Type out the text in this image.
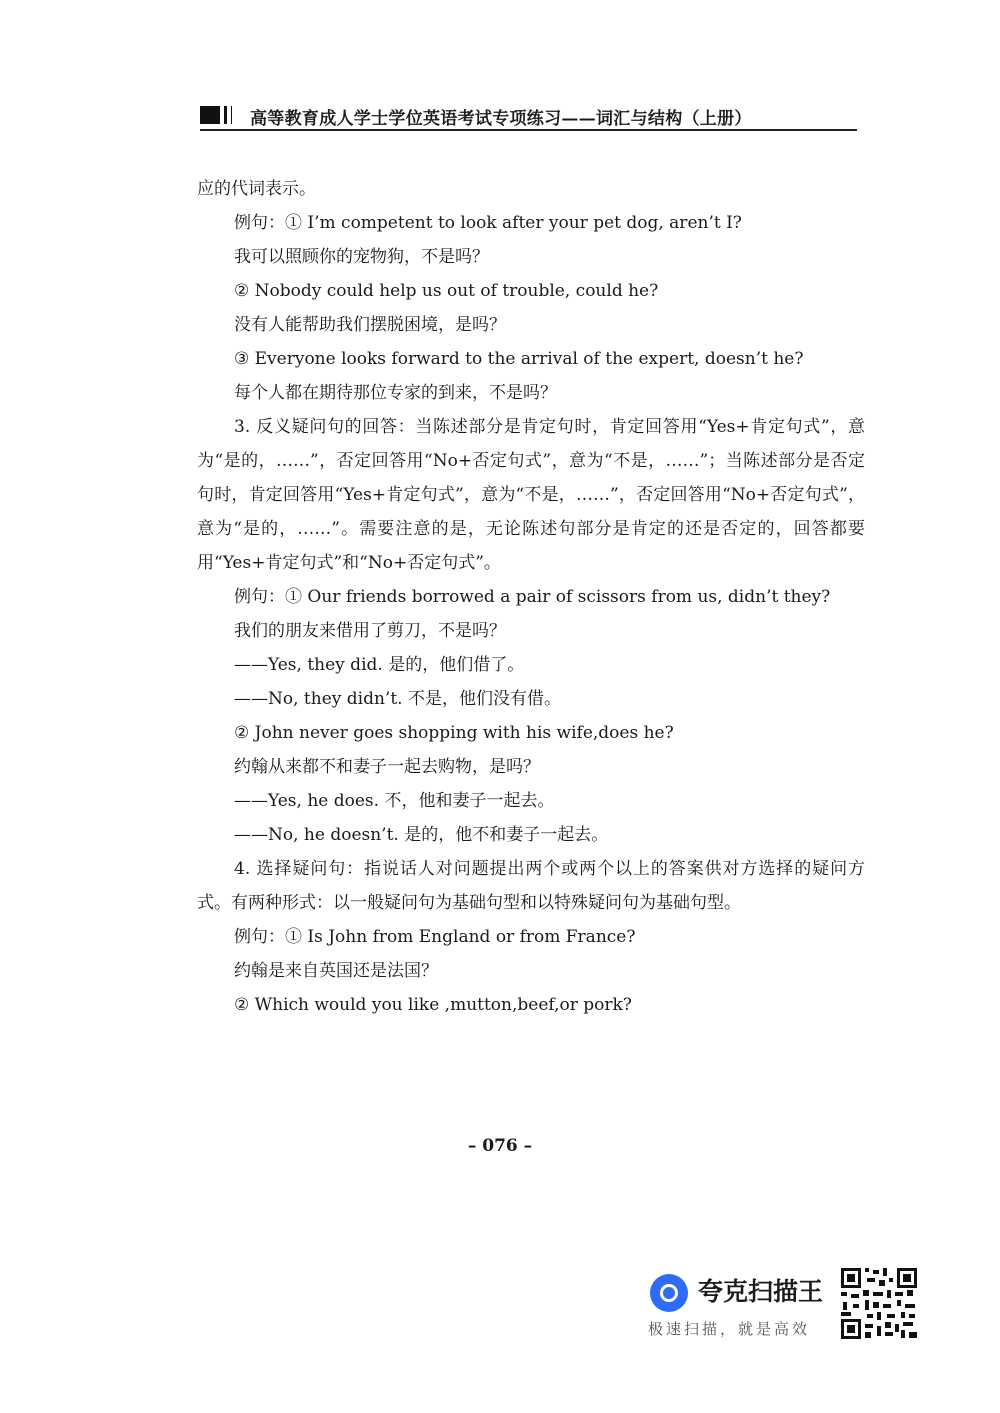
高等教育成人学士学位英语考试专项练习——词汇与结构（上册）
应的代词表示。
例句：① I’m competent to look after your pet dog, aren’t I?
我可以照顾你的宠物狗，不是吗？
② Nobody could help us out of trouble, could he?
没有人能帮助我们摆脱困境，是吗？
③ Everyone looks forward to the arrival of the expert, doesn’t he?
每个人都在期待那位专家的到来，不是吗？
3. 反义疑问句的回答：当陈述部分是肯定句时，肯定回答用“Yes+肯定句式”，意为“是的，……”，否定回答用“No+否定句式”，意为“不是，……”；当陈述部分是否定句时，肯定回答用“Yes+肯定句式”，意为“不是，……”，否定回答用“No+否定句式”，意为“是的，……”。需要注意的是，无论陈述句部分是肯定的还是否定的，回答都要用“Yes+肯定句式”和“No+否定句式”。
例句：① Our friends borrowed a pair of scissors from us, didn’t they?
我们的朋友来借用了剪刀，不是吗？
——Yes, they did. 是的，他们借了。
——No, they didn’t. 不是，他们没有借。
② John never goes shopping with his wife,does he?
约翰从来都不和妻子一起去购物，是吗？
——Yes, he does. 不，他和妻子一起去。
——No, he doesn’t. 是的，他不和妻子一起去。
4. 选择疑问句：指说话人对问题提出两个或两个以上的答案供对方选择的疑问方式。有两种形式：以一般疑问句为基础句型和以特殊疑问句为基础句型。
例句：① Is John from England or from France?
约翰是来自英国还是法国？
② Which would you like ,mutton,beef,or pork?
– 076 –
夸克扫描王
极速扫描，就是高效
